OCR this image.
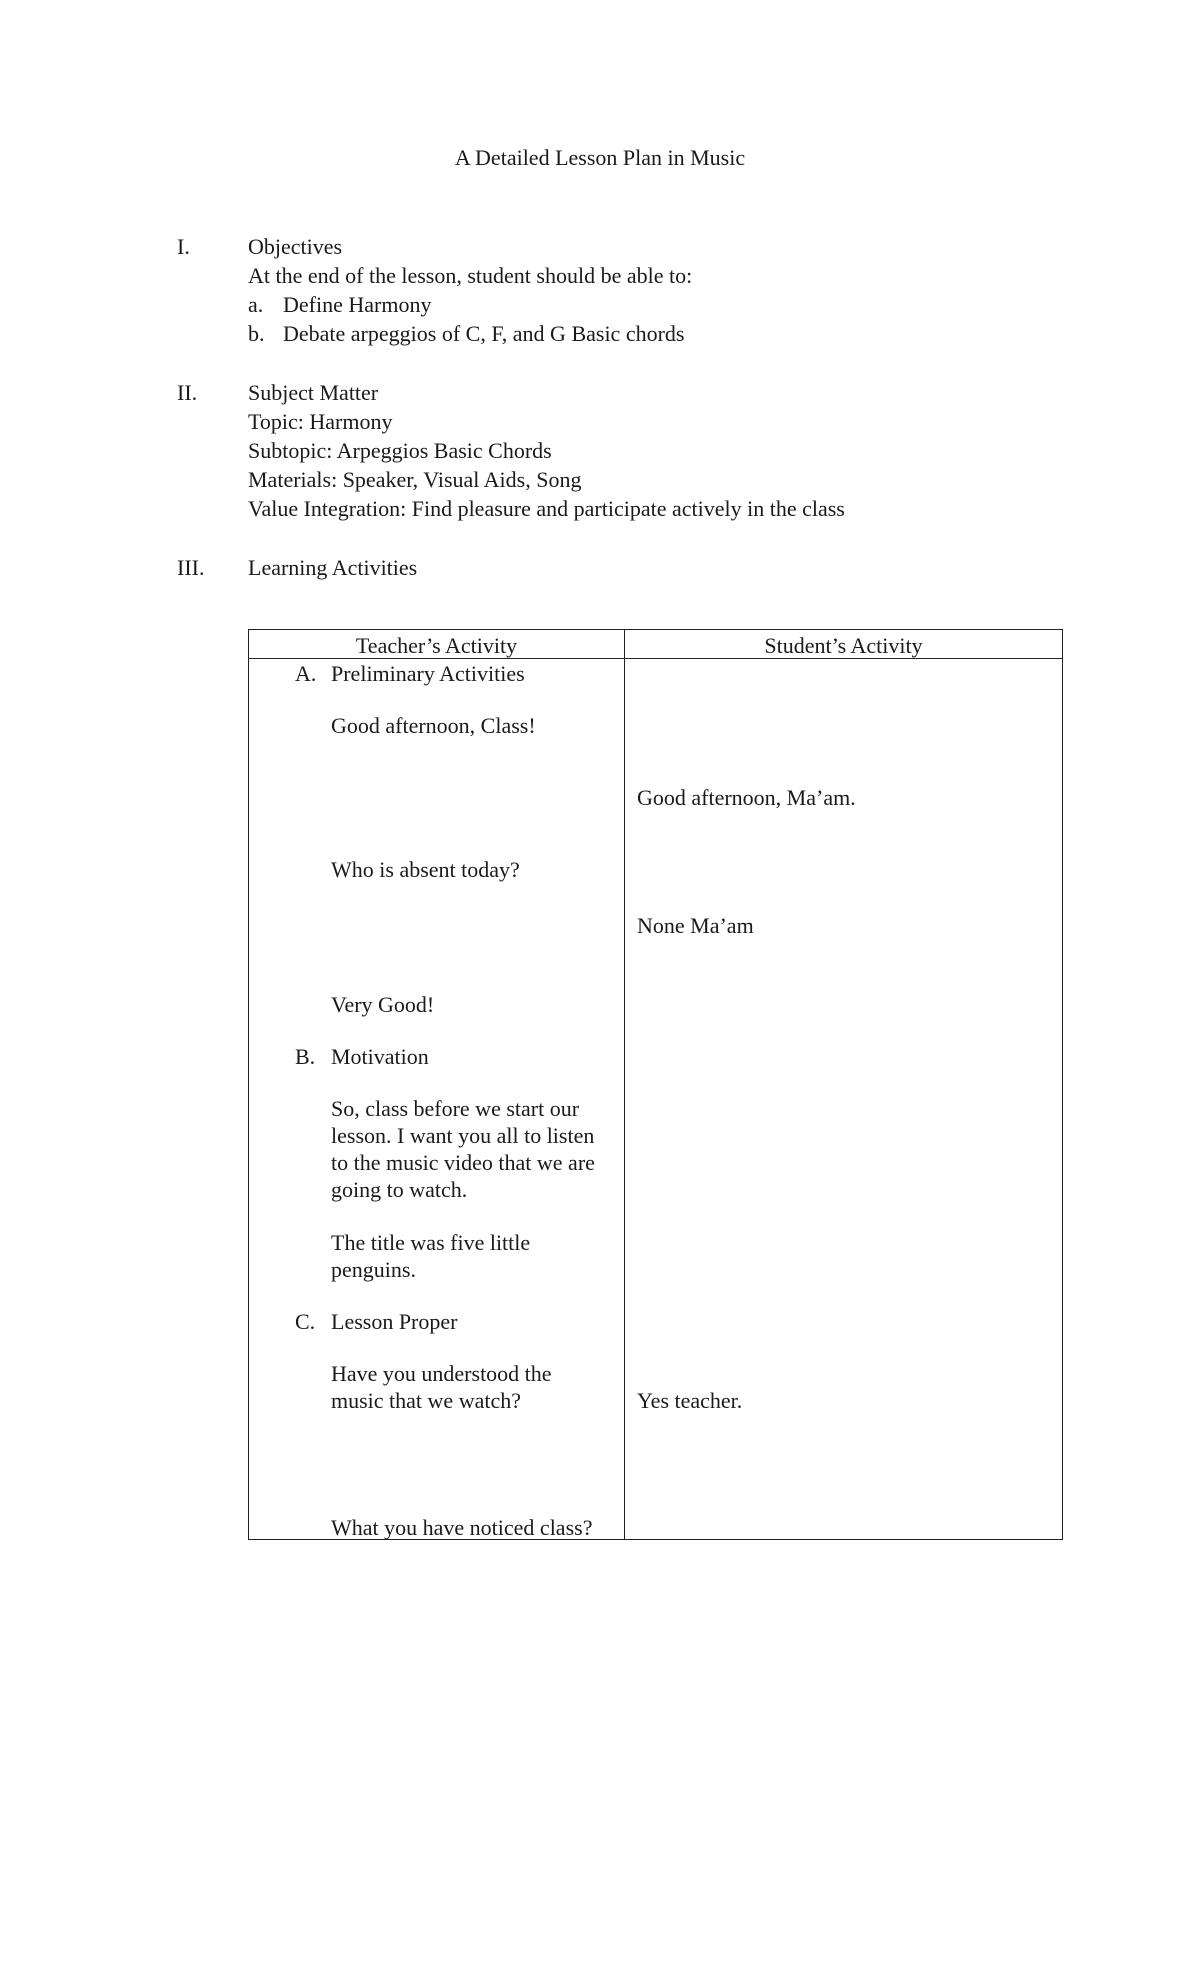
A Detailed Lesson Plan in Music
I.	Objectives
At the end of the lesson, student should be able to:
a. Define Harmony
b. Debate arpeggios of C, F, and G Basic chords
II. Subject Matter
Topic: Harmony
Subtopic: Arpeggios Basic Chords
Materials: Speaker, Visual Aids, Song
Value Integration: Find pleasure and participate actively in the class
III. Learning Activities
Teacher’s Activity	Student’s Activity
A. Preliminary Activities
Good afternoon, Class!
Who is absent today?
Very Good!
B. Motivation
So, class before we start our
lesson. I want you all to listen
to the music video that we are
going to watch.
The title was five little
penguins.
C. Lesson Proper
Have you understood the
music that we watch?
What you have noticed class?
Good afternoon, Ma’am.
None Ma’am
Yes teacher.
